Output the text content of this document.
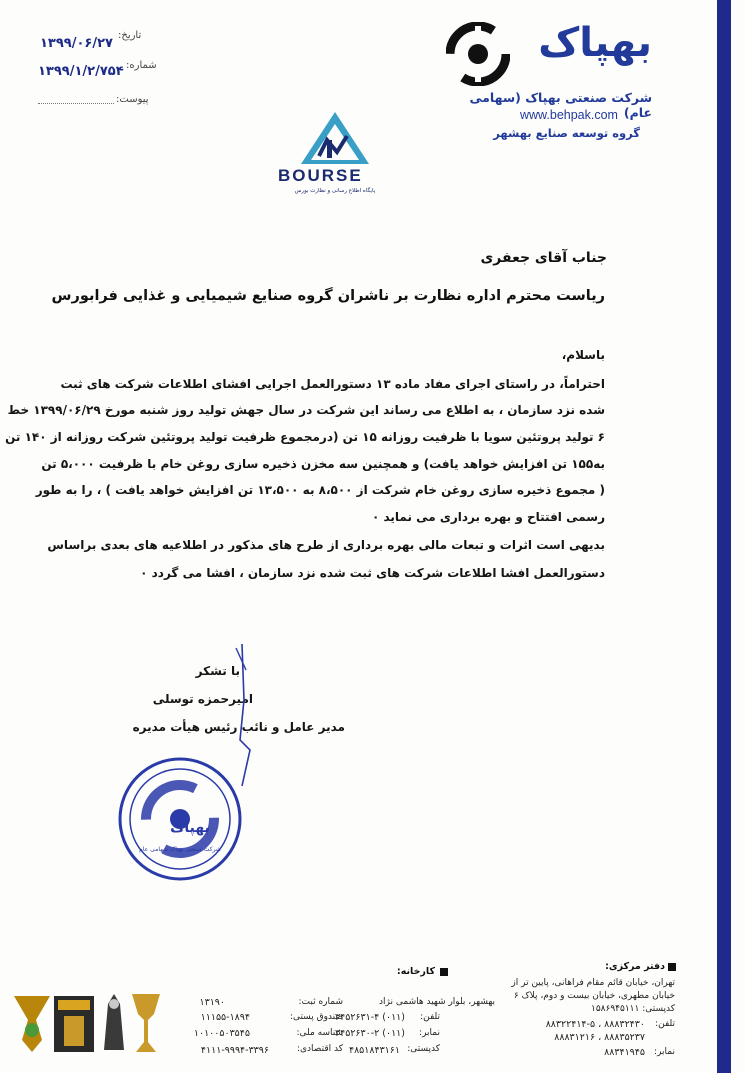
تاریخ:
۱۳۹۹/۰۶/۲۷
شماره:
۱۳۹۹/۱/۲/۷۵۴
پیوست:
بهپاک
شرکت صنعتی بهپاک (سهامی عام)
www.behpak.com
گروه توسعه صنایع بهشهر
BOURSE
پایگاه اطلاع رسانی و نظارت بورس
جناب آقای جعفری
ریاست محترم اداره نظارت بر ناشران گروه صنایع شیمیایی و غذایی فرابورس
باسلام،
احتراماً، در راستای اجرای مفاد ماده ۱۳ دستورالعمل اجرایی افشای اطلاعات شرکت های ثبت
شده نزد سازمان ، به اطلاع می رساند این شرکت در سال جهش تولید روز شنبه مورخ ۱۳۹۹/۰۶/۲۹ خط
۶ تولید پروتئین سویا با ظرفیت روزانه ۱۵ تن (درمجموع ظرفیت تولید پروتئین شرکت روزانه از ۱۴۰ تن
به۱۵۵ تن افزایش خواهد یافت) و همچنین سه مخزن ذخیره سازی روغن خام با ظرفیت ۵،۰۰۰ تن
( مجموع ذخیره سازی روغن خام شرکت از ۸،۵۰۰ به ۱۳،۵۰۰ تن افزایش خواهد یافت ) ، را به طور
رسمی افتتاح و بهره برداری می نماید ۰
بدیهی است اثرات و تبعات مالی بهره برداری از طرح های مذکور در اطلاعیه های بعدی براساس
دستورالعمل افشا اطلاعات شرکت های ثبت شده نزد سازمان ، افشا می گردد ۰
با تشکر
امیرحمزه توسلی
مدیر عامل و نائب رئیس هیأت مدیره
بهپاک
شرکت صنعتی بهپاک سهامی عام
دفتر مرکزی:
تهران، خیابان قائم مقام فراهانی، پایین تر از
خیابان مطهری، خیابان بیست و دوم، پلاک ۶
کدپستی: ۱۵۸۶۹۴۵۱۱۱
تلفن:
۸۸۸۳۲۴۳۰ ، ۸۸۳۲۲۴۱۴-۵
۸۸۸۳۵۲۳۷ ، ۸۸۸۳۱۲۱۶
نمابر:
۸۸۳۴۱۹۴۵
کارخانه:
بهشهر، بلوار شهید هاشمی نژاد
تلفن:
(۰۱۱) ۳۴۵۲۶۳۱-۴
نمابر:
(۰۱۱) ۳۴۵۲۶۳۰-۲
کدپستی:
۴۸۵۱۸۴۳۱۶۱
شماره ثبت:
۱۳۱۹۰
صندوق پستی:
۱۱۱۵۵-۱۸۹۴
شناسه ملی:
۱۰۱۰۰۵۰۳۵۴۵
کد اقتصادی:
۴۱۱۱-۹۹۹۴-۳۳۹۶
